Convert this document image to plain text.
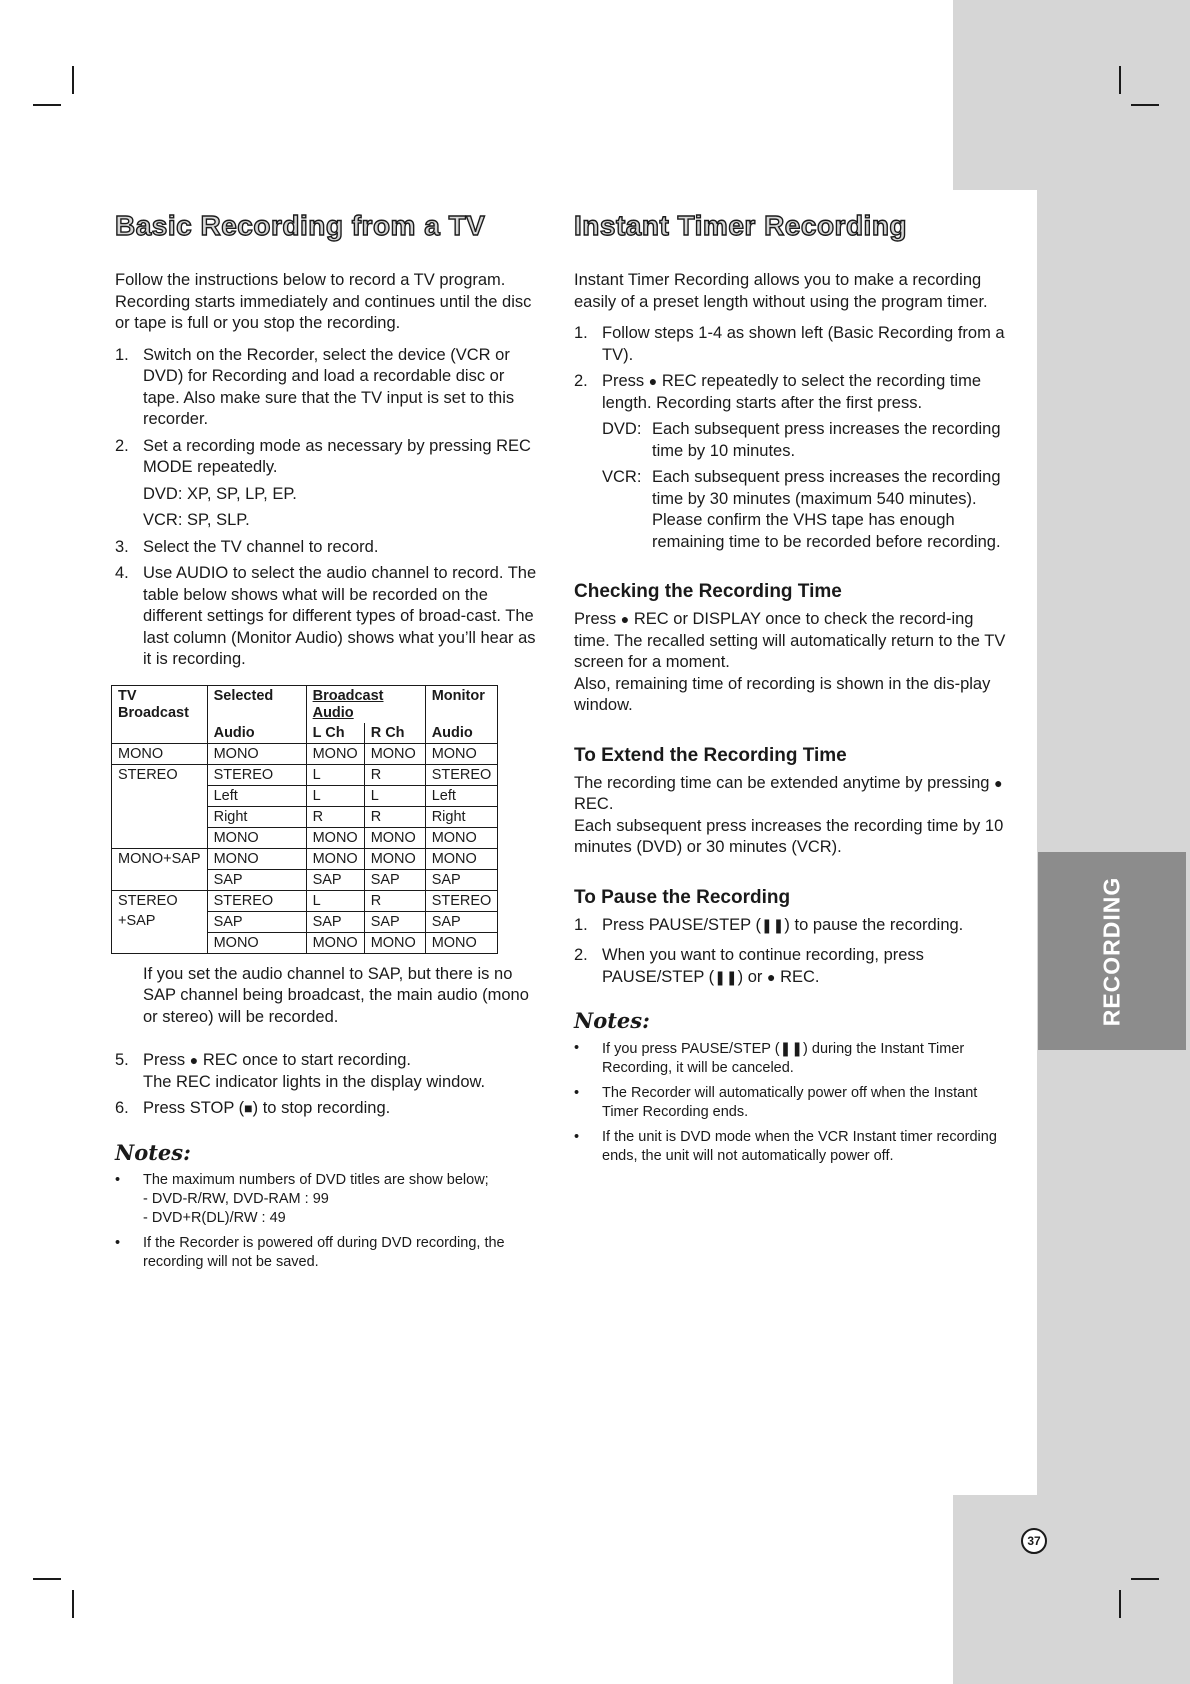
RECORDING
37
Basic Recording from a TV

Follow the instructions below to record a TV program. Recording starts immediately and continues until the disc or tape is full or you stop the recording.

1. Switch on the Recorder, select the device (VCR or DVD) for Recording and load a recordable disc or tape. Also make sure that the TV input is set to this recorder.
2. Set a recording mode as necessary by pressing REC MODE repeatedly.
DVD: XP, SP, LP, EP.
VCR: SP, SLP.
3. Select the TV channel to record.
4. Use AUDIO to select the audio channel to record. The table below shows what will be recorded on the different settings for different types of broad-cast. The last column (Monitor Audio) shows what you’ll hear as it is recording.
TV Broadcast	Selected	Broadcast Audio		Monitor
	Audio	L Ch	R Ch	Audio
MONO	MONO	MONO	MONO	MONO
STEREO	STEREO	L	R	STEREO
	Left	L	L	Left
	Right	R	R	Right
	MONO	MONO	MONO	MONO
MONO+SAP	MONO	MONO	MONO	MONO
	SAP	SAP	SAP	SAP
STEREO	STEREO	L	R	STEREO
+SAP	SAP	SAP	SAP	SAP
	MONO	MONO	MONO	MONO

If you set the audio channel to SAP, but there is no SAP channel being broadcast, the main audio (mono or stereo) will be recorded.

5. Press ● REC once to start recording.
The REC indicator lights in the display window.
6. Press STOP (■) to stop recording.
Notes:
•	The maximum numbers of DVD titles are show below;
- DVD-R/RW, DVD-RAM : 99
- DVD+R(DL)/RW : 49
•	If the Recorder is powered off during DVD recording, the recording will not be saved.
Instant Timer Recording

Instant Timer Recording allows you to make a recording easily of a preset length without using the program timer.

1. Follow steps 1-4 as shown left (Basic Recording from a TV).
2. Press ● REC repeatedly to select the recording time length. Recording starts after the first press.
DVD: Each subsequent press increases the recording time by 10 minutes.
VCR: Each subsequent press increases the recording time by 30 minutes (maximum 540 minutes). Please confirm the VHS tape has enough remaining time to be recorded before recording.
Checking the Recording Time

Press ● REC or DISPLAY once to check the record-ing time. The recalled setting will automatically return to the TV screen for a moment.

Also, remaining time of recording is shown in the dis-play window.

To Extend the Recording Time

The recording time can be extended anytime by pressing ● REC.

Each subsequent press increases the recording time by 10 minutes (DVD) or 30 minutes (VCR).

To Pause the Recording
1. Press PAUSE/STEP (❚❚) to pause the recording.
2. When you want to continue recording, press PAUSE/STEP (❚❚) or ● REC.
Notes:
•	If you press PAUSE/STEP (❚❚) during the Instant Timer Recording, it will be canceled.
•	The Recorder will automatically power off when the Instant Timer Recording ends.
•	If the unit is DVD mode when the VCR Instant timer recording ends, the unit will not automatically power off.
